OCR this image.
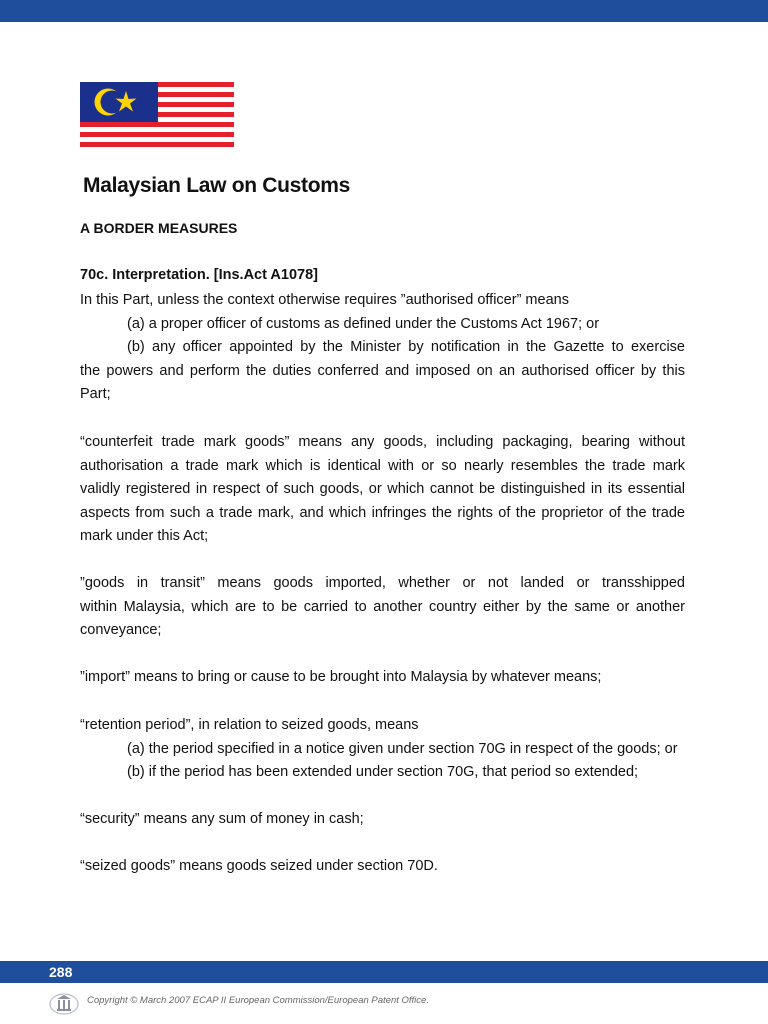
Malaysian Law on Customs
A BORDER MEASURES
70c. Interpretation. [Ins.Act A1078]
In this Part, unless the context otherwise requires ”authorised officer” means
(a) a proper officer of customs as defined under the Customs Act 1967; or
(b) any officer appointed by the Minister by notification in the Gazette to exercise
the powers and perform the duties conferred and imposed on an authorised officer by this
Part;
“counterfeit trade mark goods” means any goods, including packaging, bearing without
authorisation a trade mark which is identical with or so nearly resembles the trade mark
validly registered in respect of such goods, or which cannot be distinguished in its essential
aspects from such a trade mark, and which infringes the rights of the proprietor of the trade
mark under this Act;
”goods in transit” means goods imported, whether or not landed or transshipped
within Malaysia, which are to be carried to another country either by the same or another
conveyance;
”import” means to bring or cause to be brought into Malaysia by whatever means;
“retention period”, in relation to seized goods, means
(a) the period specified in a notice given under section 70G in respect of the goods; or
(b) if the period has been extended under section 70G, that period so extended;
“security” means any sum of money in cash;
“seized goods” means goods seized under section 70D.
288
Copyright © March 2007 ECAP II European Commission/European Patent Office.
